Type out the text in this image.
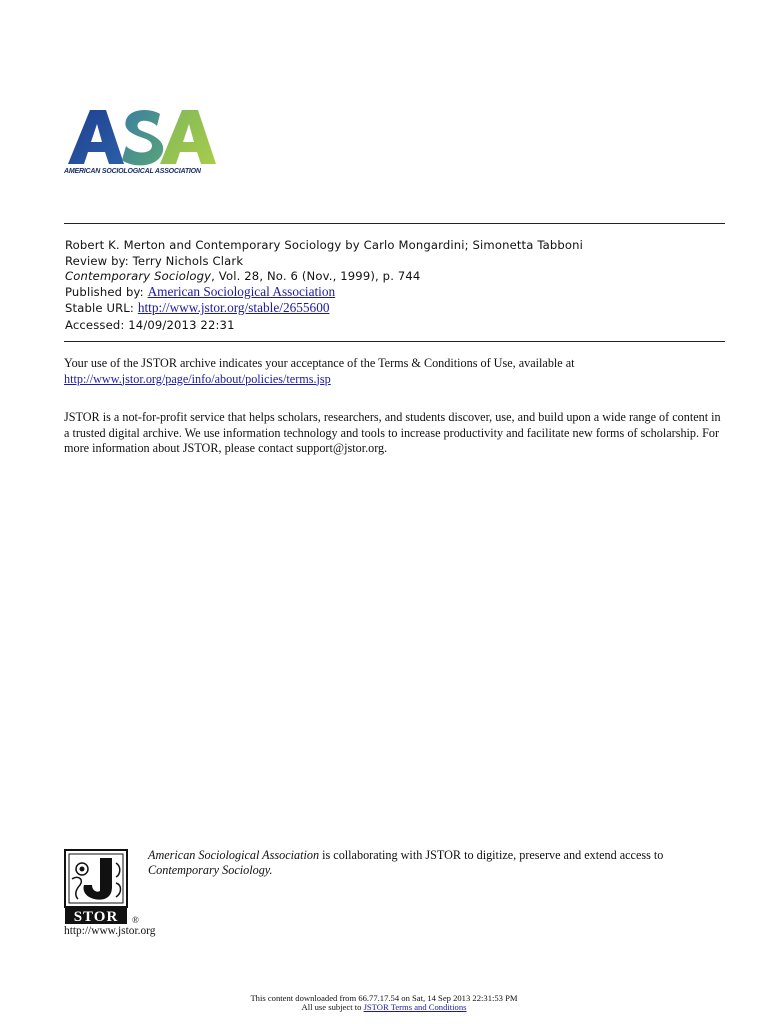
AMERICAN SOCIOLOGICAL ASSOCIATION
Robert K. Merton and Contemporary Sociology by Carlo Mongardini; Simonetta Tabboni
Review by: Terry Nichols Clark
Contemporary Sociology, Vol. 28, No. 6 (Nov., 1999), p. 744
Published by: American Sociological Association
Stable URL: http://www.jstor.org/stable/2655600
Accessed: 14/09/2013 22:31
Your use of the JSTOR archive indicates your acceptance of the Terms & Conditions of Use, available at
http://www.jstor.org/page/info/about/policies/terms.jsp
JSTOR is a not-for-profit service that helps scholars, researchers, and students discover, use, and build upon a wide range of content in a trusted digital archive. We use information technology and tools to increase productivity and facilitate new forms of scholarship. For more information about JSTOR, please contact support@jstor.org.
STOR ®
American Sociological Association is collaborating with JSTOR to digitize, preserve and extend access to
Contemporary Sociology.
http://www.jstor.org
This content downloaded from 66.77.17.54 on Sat, 14 Sep 2013 22:31:53 PM
All use subject to JSTOR Terms and Conditions
